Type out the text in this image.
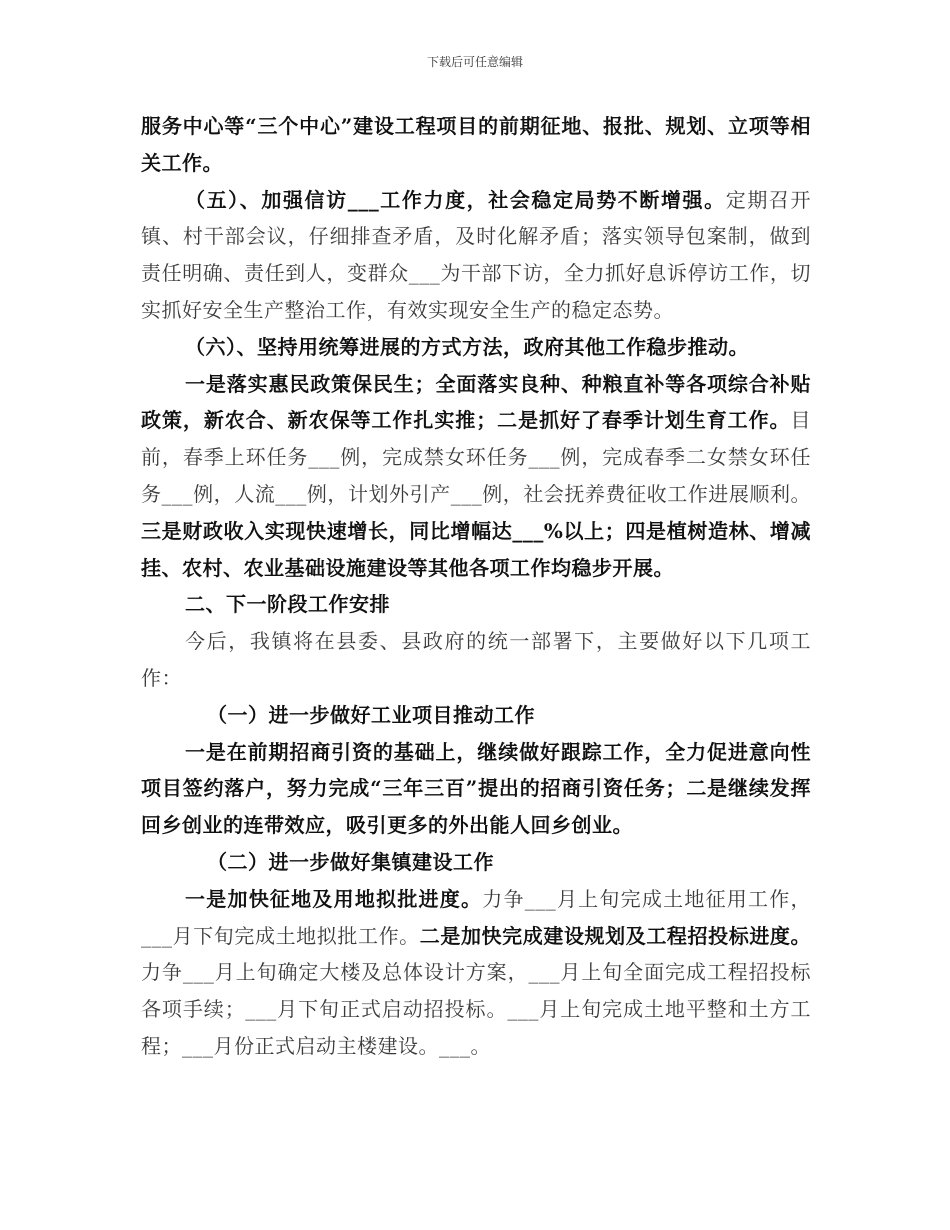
下载后可任意编辑

服务中心等“三个中心”建设工程项目的前期征地、报批、规划、立项等相关工作。

（五）、加强信访___工作力度，社会稳定局势不断增强。定期召开镇、村干部会议，仔细排查矛盾，及时化解矛盾；落实领导包案制，做到责任明确、责任到人，变群众___为干部下访，全力抓好息诉停访工作，切实抓好安全生产整治工作，有效实现安全生产的稳定态势。

（六）、坚持用统筹进展的方式方法，政府其他工作稳步推动。

一是落实惠民政策保民生；全面落实良种、种粮直补等各项综合补贴政策，新农合、新农保等工作扎实推；二是抓好了春季计划生育工作。目前，春季上环任务___例，完成禁女环任务___例，完成春季二女禁女环任务___例，人流___例，计划外引产___例，社会抚养费征收工作进展顺利。三是财政收入实现快速增长，同比增幅达___%以上；四是植树造林、增减挂、农村、农业基础设施建设等其他各项工作均稳步开展。

二、下一阶段工作安排

今后，我镇将在县委、县政府的统一部署下，主要做好以下几项工作：

（一）进一步做好工业项目推动工作

一是在前期招商引资的基础上，继续做好跟踪工作，全力促进意向性项目签约落户，努力完成“三年三百”提出的招商引资任务；二是继续发挥回乡创业的连带效应，吸引更多的外出能人回乡创业。

（二）进一步做好集镇建设工作

一是加快征地及用地拟批进度。力争___月上旬完成土地征用工作，___月下旬完成土地拟批工作。二是加快完成建设规划及工程招投标进度。力争___月上旬确定大楼及总体设计方案，___月上旬全面完成工程招投标各项手续；___月下旬正式启动招投标。___月上旬完成土地平整和土方工程；___月份正式启动主楼建设。___。
